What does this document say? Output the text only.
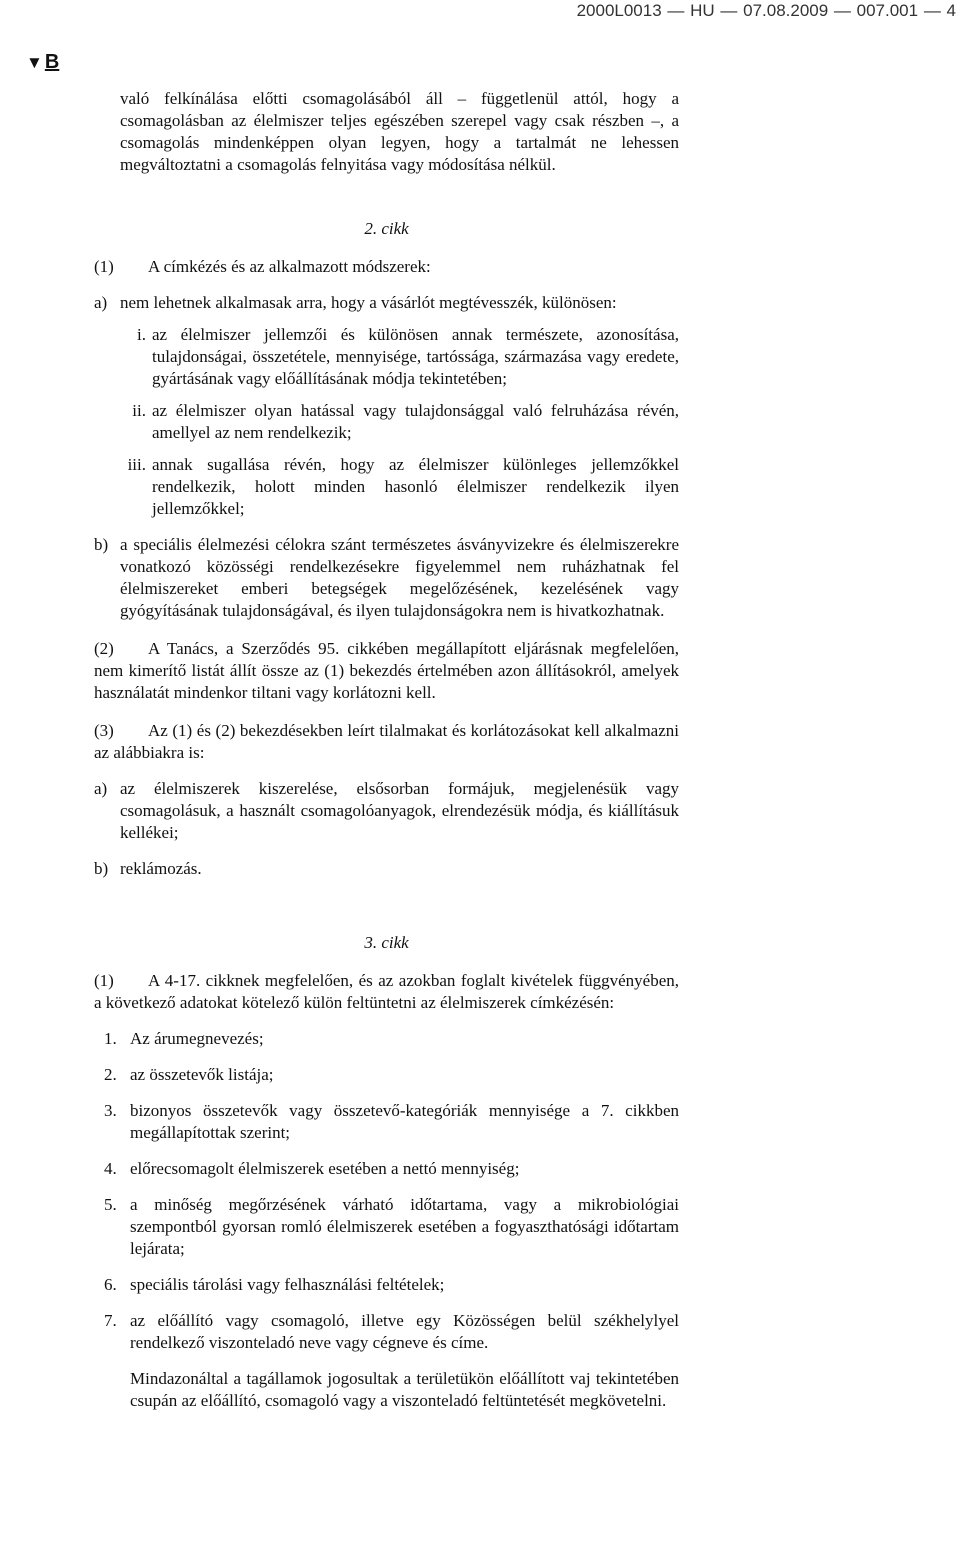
2000L0013 — HU — 07.08.2009 — 007.001 — 4
▼ B

való felkínálása előtti csomagolásából áll – függetlenül attól, hogy a csomagolásban az élelmiszer teljes egészében szerepel vagy csak részben –, a csomagolás mindenképpen olyan legyen, hogy a tartalmát ne lehessen megváltoztatni a csomagolás felnyitása vagy módosítása nélkül.

2. cikk

(1) A címkézés és az alkalmazott módszerek:

a) nem lehetnek alkalmasak arra, hogy a vásárlót megtévesszék, különösen:
i. az élelmiszer jellemzői és különösen annak természete, azonosítása, tulajdonságai, összetétele, mennyisége, tartóssága, származása vagy eredete, gyártásának vagy előállításának módja tekintetében;
ii. az élelmiszer olyan hatással vagy tulajdonsággal való felruházása révén, amellyel az nem rendelkezik;
iii. annak sugallása révén, hogy az élelmiszer különleges jellemzőkkel rendelkezik, holott minden hasonló élelmiszer rendelkezik ilyen jellemzőkkel;
b) a speciális élelmezési célokra szánt természetes ásványvizekre és élelmiszerekre vonatkozó közösségi rendelkezésekre figyelemmel nem ruházhatnak fel élelmiszereket emberi betegségek megelőzésének, kezelésének vagy gyógyításának tulajdonságával, és ilyen tulajdonságokra nem is hivatkozhatnak.

(2) A Tanács, a Szerződés 95. cikkében megállapított eljárásnak megfelelően, nem kimerítő listát állít össze az (1) bekezdés értelmében azon állításokról, amelyek használatát mindenkor tiltani vagy korlátozni kell.

(3) Az (1) és (2) bekezdésekben leírt tilalmakat és korlátozásokat kell alkalmazni az alábbiakra is:

a) az élelmiszerek kiszerelése, elsősorban formájuk, megjelenésük vagy csomagolásuk, a használt csomagolóanyagok, elrendezésük módja, és kiállításuk kellékei;
b) reklámozás.

3. cikk

(1) A 4-17. cikknek megfelelően, és az azokban foglalt kivételek függvényében, a következő adatokat kötelező külön feltüntetni az élelmiszerek címkézésén:

1. Az árumegnevezés;
2. az összetevők listája;
3. bizonyos összetevők vagy összetevő-kategóriák mennyisége a 7. cikkben megállapítottak szerint;
4. előrecsomagolt élelmiszerek esetében a nettó mennyiség;
5. a minőség megőrzésének várható időtartama, vagy a mikrobiológiai szempontból gyorsan romló élelmiszerek esetében a fogyaszthatósági időtartam lejárata;
6. speciális tárolási vagy felhasználási feltételek;
7. az előállító vagy csomagoló, illetve egy Közösségen belül székhelylyel rendelkező viszonteladó neve vagy cégneve és címe.

Mindazonáltal a tagállamok jogosultak a területükön előállított vaj tekintetében csupán az előállító, csomagoló vagy a viszonteladó feltüntetését megkövetelni.
